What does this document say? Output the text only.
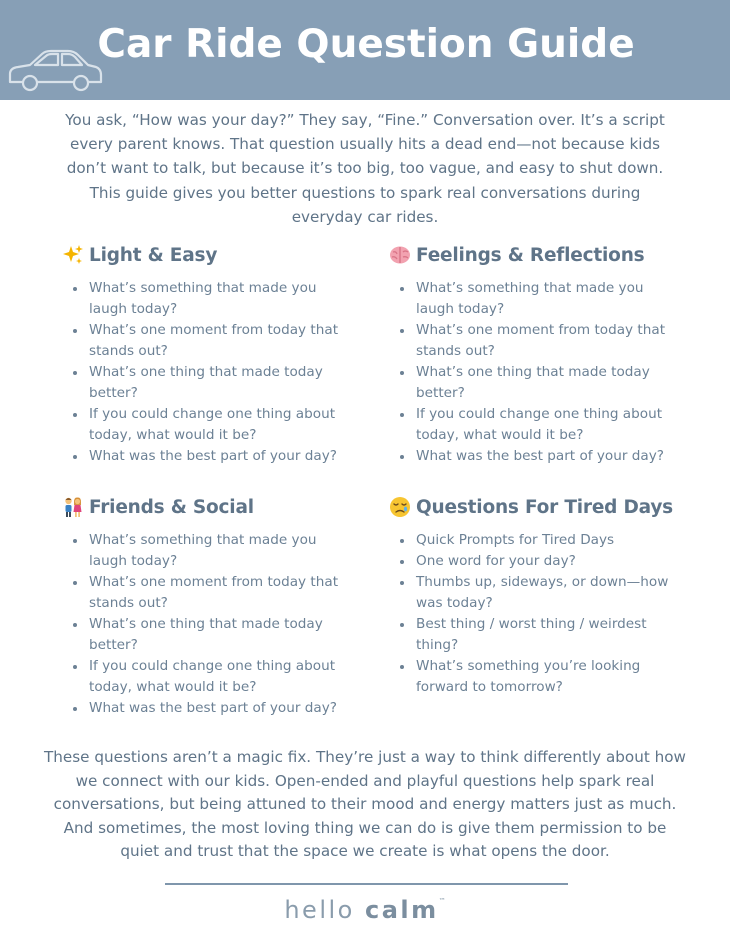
Car Ride Question Guide
You ask, “How was your day?” They say, “Fine.” Conversation over. It’s a script every parent knows. That question usually hits a dead end—not because kids don’t want to talk, but because it’s too big, too vague, and easy to shut down. This guide gives you better questions to spark real conversations during everyday car rides.
Light & Easy
What’s something that made you laugh today?
What’s one moment from today that stands out?
What’s one thing that made today better?
If you could change one thing about today, what would it be?
What was the best part of your day?
Feelings & Reflections
What’s something that made you laugh today?
What’s one moment from today that stands out?
What’s one thing that made today better?
If you could change one thing about today, what would it be?
What was the best part of your day?
Friends & Social
What’s something that made you laugh today?
What’s one moment from today that stands out?
What’s one thing that made today better?
If you could change one thing about today, what would it be?
What was the best part of your day?
Questions For Tired Days
Quick Prompts for Tired Days
One word for your day?
Thumbs up, sideways, or down—how was today?
Best thing / worst thing / weirdest thing?
What’s something you’re looking forward to tomorrow?
These questions aren’t a magic fix. They’re just a way to think differently about how we connect with our kids. Open-ended and playful questions help spark real conversations, but being attuned to their mood and energy matters just as much. And sometimes, the most loving thing we can do is give them permission to be quiet and trust that the space we create is what opens the door.
hello calm™
